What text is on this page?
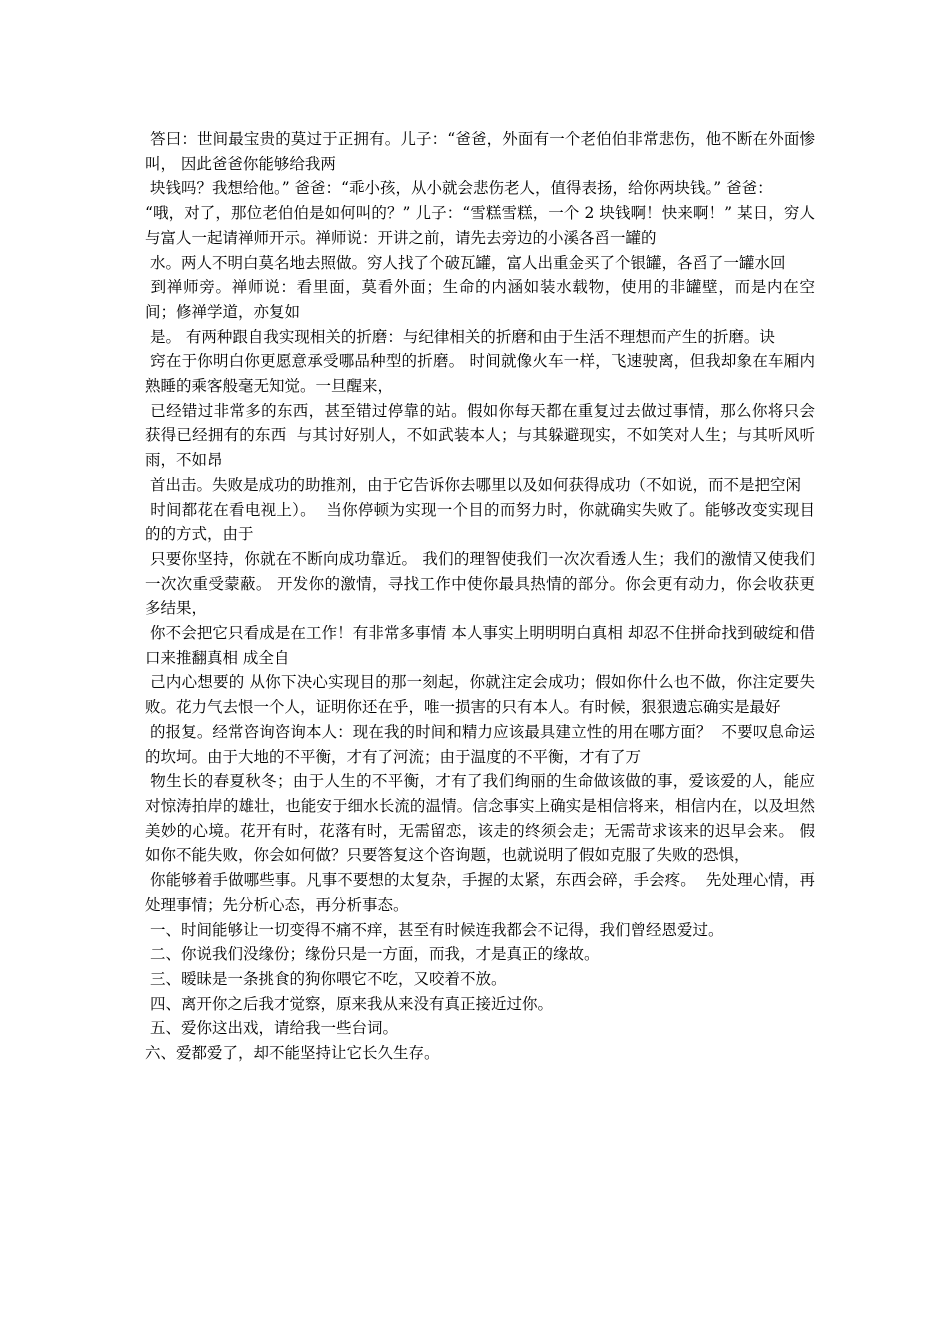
答曰：世间最宝贵的莫过于正拥有。儿子：“爸爸，外面有一个老伯伯非常悲伤，他不断在外面惨叫， 因此爸爸你能够给我两

块钱吗？我想给他。” 爸爸：“乖小孩，从小就会悲伤老人，值得表扬，给你两块钱。” 爸爸：

“哦，对了，那位老伯伯是如何叫的？” 儿子：“雪糕雪糕，一个 2 块钱啊！快来啊！” 某日，穷人与富人一起请禅师开示。禅师说：开讲之前，请先去旁边的小溪各舀一罐的

水。两人不明白莫名地去照做。穷人找了个破瓦罐，富人出重金买了个银罐，各舀了一罐水回

到禅师旁。禅师说：看里面，莫看外面；生命的内涵如装水载物，使用的非罐壁，而是内在空间；修禅学道，亦复如

是。 有两种跟自我实现相关的折磨：与纪律相关的折磨和由于生活不理想而产生的折磨。诀

窍在于你明白你更愿意承受哪品种型的折磨。 时间就像火车一样，飞速驶离，但我却象在车厢内熟睡的乘客般毫无知觉。一旦醒来，

已经错过非常多的东西，甚至错过停靠的站。假如你每天都在重复过去做过事情，那么你将只会获得已经拥有的东西  与其讨好别人，不如武装本人；与其躲避现实，不如笑对人生；与其听风听雨，不如昂

首出击。失败是成功的助推剂，由于它告诉你去哪里以及如何获得成功（不如说，而不是把空闲

时间都花在看电视上）。  当你停顿为实现一个目的而努力时，你就确实失败了。能够改变实现目的的方式，由于

只要你坚持，你就在不断向成功靠近。 我们的理智使我们一次次看透人生；我们的激情又使我们一次次重受蒙蔽。 开发你的激情，寻找工作中使你最具热情的部分。你会更有动力，你会收获更多结果，

你不会把它只看成是在工作！有非常多事情 本人事实上明明明白真相 却忍不住拼命找到破绽和借口来推翻真相 成全自

己内心想要的 从你下决心实现目的那一刻起，你就注定会成功；假如你什么也不做，你注定要失败。花力气去恨一个人，证明你还在乎，唯一损害的只有本人。有时候，狠狠遗忘确实是最好

的报复。经常咨询咨询本人：现在我的时间和精力应该最具建立性的用在哪方面？  不要叹息命运的坎坷。由于大地的不平衡，才有了河流；由于温度的不平衡，才有了万

物生长的春夏秋冬；由于人生的不平衡，才有了我们绚丽的生命做该做的事，爱该爱的人，能应对惊涛拍岸的雄壮，也能安于细水长流的温情。信念事实上确实是相信将来，相信内在，以及坦然美妙的心境。花开有时，花落有时，无需留恋，该走的终须会走；无需苛求该来的迟早会来。 假如你不能失败，你会如何做？只要答复这个咨询题，也就说明了假如克服了失败的恐惧，

你能够着手做哪些事。凡事不要想的太复杂，手握的太紧，东西会碎，手会疼。  先处理心情，再处理事情；先分析心态，再分析事态。

一、时间能够让一切变得不痛不痒，甚至有时候连我都会不记得，我们曾经恩爱过。

二、你说我们没缘份；缘份只是一方面，而我，才是真正的缘故。

三、暧昧是一条挑食的狗你喂它不吃，又咬着不放。

四、离开你之后我才觉察，原来我从来没有真正接近过你。

五、爱你这出戏，请给我一些台词。

六、爱都爱了，却不能坚持让它长久生存。
